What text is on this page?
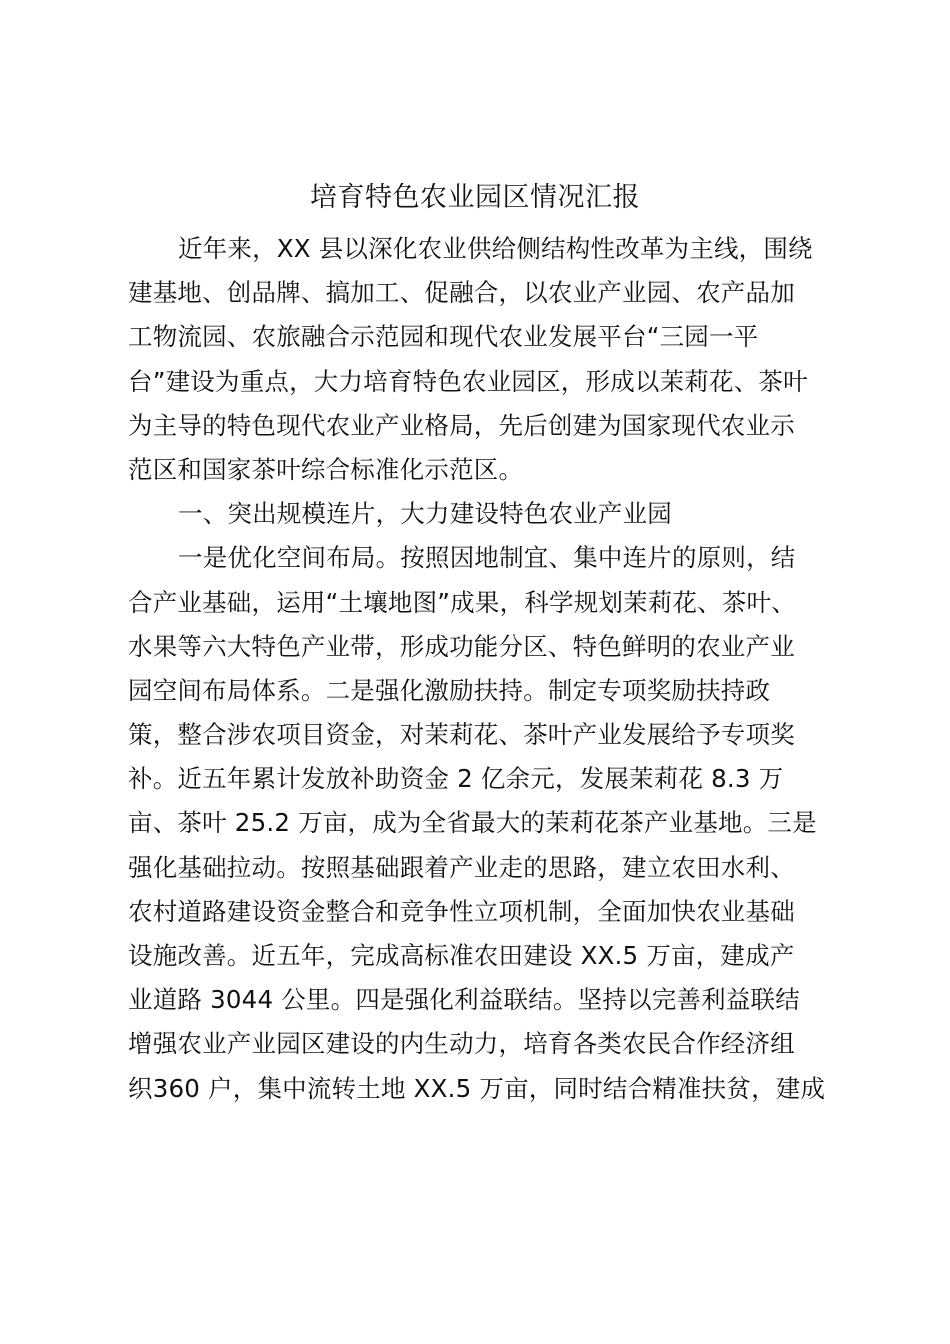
培育特色农业园区情况汇报
近年来，XX 县以深化农业供给侧结构性改革为主线，围绕
建基地、创品牌、搞加工、促融合，以农业产业园、农产品加
工物流园、农旅融合示范园和现代农业发展平台“三园一平
台”建设为重点，大力培育特色农业园区，形成以茉莉花、茶叶
为主导的特色现代农业产业格局，先后创建为国家现代农业示
范区和国家茶叶综合标准化示范区。
一、突出规模连片，大力建设特色农业产业园
一是优化空间布局。按照因地制宜、集中连片的原则，结
合产业基础，运用“土壤地图”成果，科学规划茉莉花、茶叶、
水果等六大特色产业带，形成功能分区、特色鲜明的农业产业
园空间布局体系。二是强化激励扶持。制定专项奖励扶持政
策，整合涉农项目资金，对茉莉花、茶叶产业发展给予专项奖
补。近五年累计发放补助资金 2 亿余元，发展茉莉花 8.3 万
亩、茶叶 25.2 万亩，成为全省最大的茉莉花茶产业基地。三是
强化基础拉动。按照基础跟着产业走的思路，建立农田水利、
农村道路建设资金整合和竞争性立项机制，全面加快农业基础
设施改善。近五年，完成高标准农田建设 XX.5 万亩，建成产
业道路 3044 公里。四是强化利益联结。坚持以完善利益联结
增强农业产业园区建设的内生动力，培育各类农民合作经济组
织360 户，集中流转土地 XX.5 万亩，同时结合精准扶贫，建成
